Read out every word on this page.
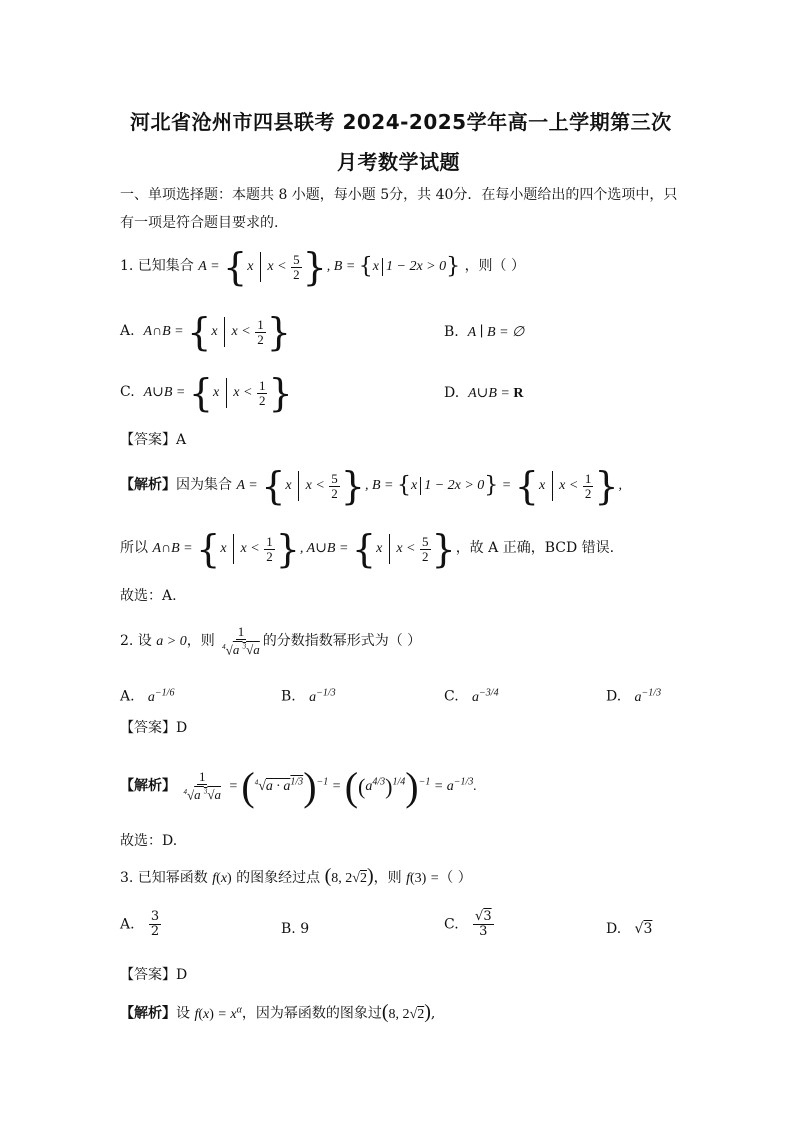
河北省沧州市四县联考 2024-2025学年高一上学期第三次
月考数学试题
一、单项选择题：本题共 8 小题，每小题 5分，共 40分．在每小题给出的四个选项中，只
有一项是符合题目要求的.
1. 已知集合 A = {x  $x < \frac{5}{2}$ }, B = {x 1 − 2x > 0} ，则（ ）
A. A∩B = {x  $x < \frac{1}{2}$ }	B. A ∣ B = ∅
C. A∪B = {x  $x < \frac{1}{2}$ }	D. A∪B = R
【答案】A
【解析】因为集合 A = {x  $x < \frac{5}{2}$ }, B = {x 1 − 2x > 0} = {x  $x < \frac{1}{2}$ },
所以 A∩B = {x  $x < \frac{1}{2}$ }, A∪B = {x  $x < \frac{5}{2}$ }，故 A 正确，BCD 错误.
故选：A.
2. 设 a > 0，则 $\frac{1}{^4√a ^3√a}$ 的分数指数幂形式为（ ）
A. $a^{-1/6}$	B. $a^{-1/3}$	C. $a^{-3/4}$	D. $a^{-1/3}$
【答案】D
【解析】 $\frac{1}{^4√a ^3√a} = (^4√a \cdot a^{1/3})^{-1} = ((a^{4/3})^{1/4})^{-1} = a^{-1/3}$.
故选：D.
3. 已知幂函数 f(x) 的图象经过点 (8, 2√2)，则 f(3) =（ ）
A. $\frac{3}{2}$	B. 9	C. $\frac{√3}{3}$	D. √3
【答案】D
【解析】设 $f(x) = x^\alpha$，因为幂函数的图象过(8, 2√2),
